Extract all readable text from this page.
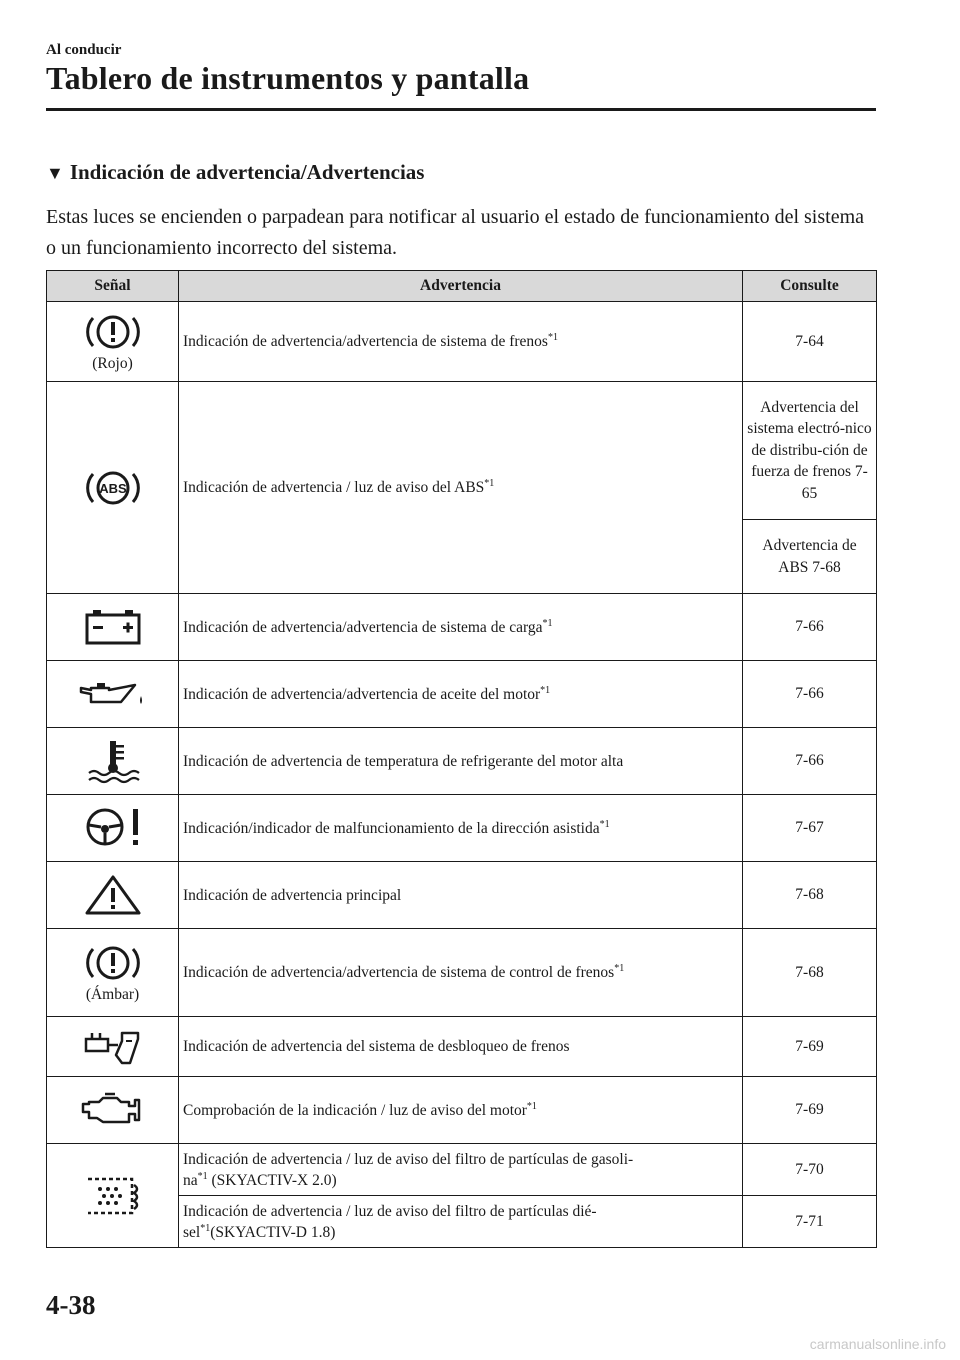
Al conducir
Tablero de instrumentos y pantalla
▼ Indicación de advertencia/Advertencias
Estas luces se encienden o parpadean para notificar al usuario el estado de funcionamiento del sistema o un funcionamiento incorrecto del sistema.
Señal	Advertencia	Consulte

(Rojo)	Indicación de advertencia/advertencia de sistema de frenos$^{*1}$	7-64

ABS	Indicación de advertencia / luz de aviso del ABS$^{*1}$	Advertencia del sistema electró-nico de distribu-ción de fuerza de frenos 7-65
		Advertencia de ABS 7-68

	Indicación de advertencia/advertencia de sistema de carga$^{*1}$	7-66

	Indicación de advertencia/advertencia de aceite del motor$^{*1}$	7-66

	Indicación de advertencia de temperatura de refrigerante del motor alta	7-66

	Indicación/indicador de malfuncionamiento de la dirección asistida$^{*1}$	7-67

	Indicación de advertencia principal	7-68

(Ámbar)	Indicación de advertencia/advertencia de sistema de control de frenos$^{*1}$	7-68

	Indicación de advertencia del sistema de desbloqueo de frenos	7-69

	Comprobación de la indicación / luz de aviso del motor$^{*1}$	7-69

	Indicación de advertencia / luz de aviso del filtro de partículas de gasoli-
$na^{*1}$ (SKYACTIV-X 2.0)	7-70
	Indicación de advertencia / luz de aviso del filtro de partículas dié-
sel$^{*1}$(SKYACTIV-D 1.8)	7-71
4-38
carmanualsonline.info
